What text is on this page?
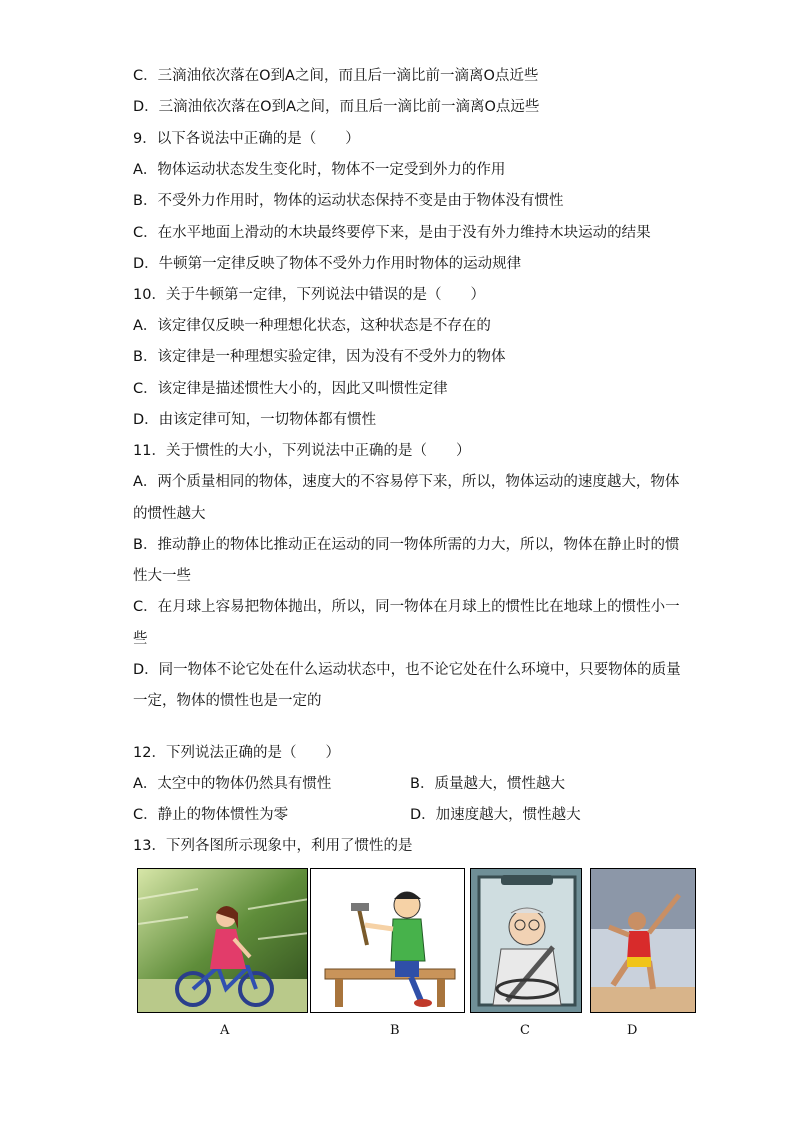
C．三滴油依次落在O到A之间，而且后一滴比前一滴离O点近些
D．三滴油依次落在O到A之间，而且后一滴比前一滴离O点远些
9．以下各说法中正确的是（　　）
A．物体运动状态发生变化时，物体不一定受到外力的作用
B．不受外力作用时，物体的运动状态保持不变是由于物体没有惯性
C．在水平地面上滑动的木块最终要停下来，是由于没有外力维持木块运动的结果
D．牛顿第一定律反映了物体不受外力作用时物体的运动规律
10．关于牛顿第一定律，下列说法中错误的是（　　）
A．该定律仅反映一种理想化状态，这种状态是不存在的
B．该定律是一种理想实验定律，因为没有不受外力的物体
C．该定律是描述惯性大小的，因此又叫惯性定律
D．由该定律可知，一切物体都有惯性
11．关于惯性的大小，下列说法中正确的是（　　）
A．两个质量相同的物体，速度大的不容易停下来，所以，物体运动的速度越大，物体
的惯性越大
B．推动静止的物体比推动正在运动的同一物体所需的力大，所以，物体在静止时的惯
性大一些
C．在月球上容易把物体抛出，所以，同一物体在月球上的惯性比在地球上的惯性小一
些
D．同一物体不论它处在什么运动状态中，也不论它处在什么环境中，只要物体的质量
一定，物体的惯性也是一定的
12．下列说法正确的是（　　）
A．太空中的物体仍然具有惯性	B．质量越大，惯性越大
C．静止的物体惯性为零	D．加速度越大，惯性越大
13．下列各图所示现象中，利用了惯性的是
A	B	C	D
